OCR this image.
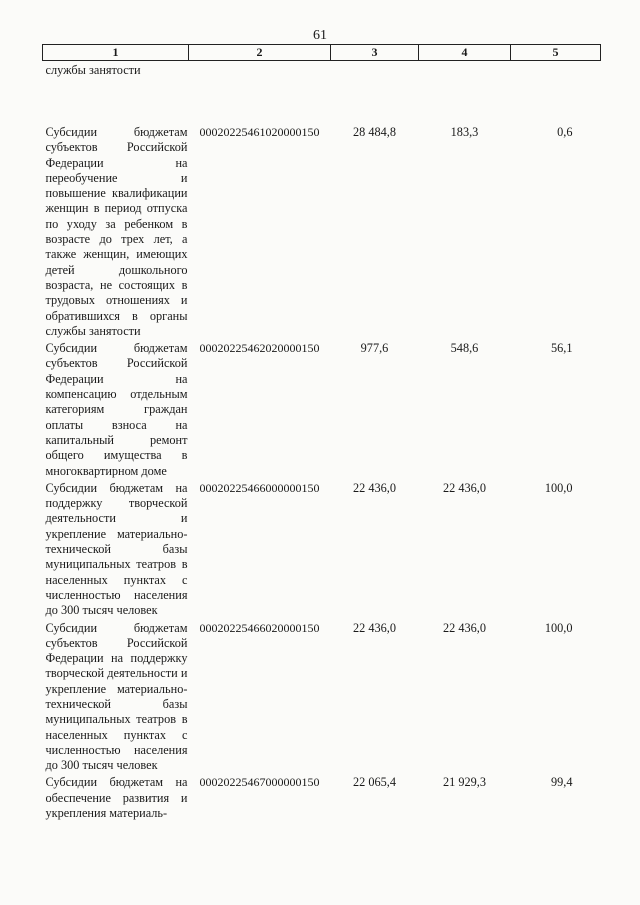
61
1	2	3	4	5
службы занятости				
Субсидии бюджетам субъектов Российской Федерации на переобучение и повышение квалификации женщин в период отпуска по уходу за ребенком в возрасте до трех лет, а также женщин, имеющих детей дошкольного возраста, не состоящих в трудовых отношениях и обратившихся в органы службы занятости	00020225461020000150	28 484,8	183,3	0,6
Субсидии бюджетам субъектов Российской Федерации на компенсацию отдельным категориям граждан оплаты взноса на капитальный ремонт общего имущества в многоквартирном доме	00020225462020000150	977,6	548,6	56,1
Субсидии бюджетам на поддержку творческой деятельности и укрепление материально-технической базы муниципальных театров в населенных пунктах с численностью населения до 300 тысяч человек	00020225466000000150	22 436,0	22 436,0	100,0
Субсидии бюджетам субъектов Российской Федерации на поддержку творческой деятельности и укрепление материально-технической базы муниципальных театров в населенных пунктах с численностью населения до 300 тысяч человек	00020225466020000150	22 436,0	22 436,0	100,0
Субсидии бюджетам на обеспечение развития и укрепления материаль-	00020225467000000150	22 065,4	21 929,3	99,4
